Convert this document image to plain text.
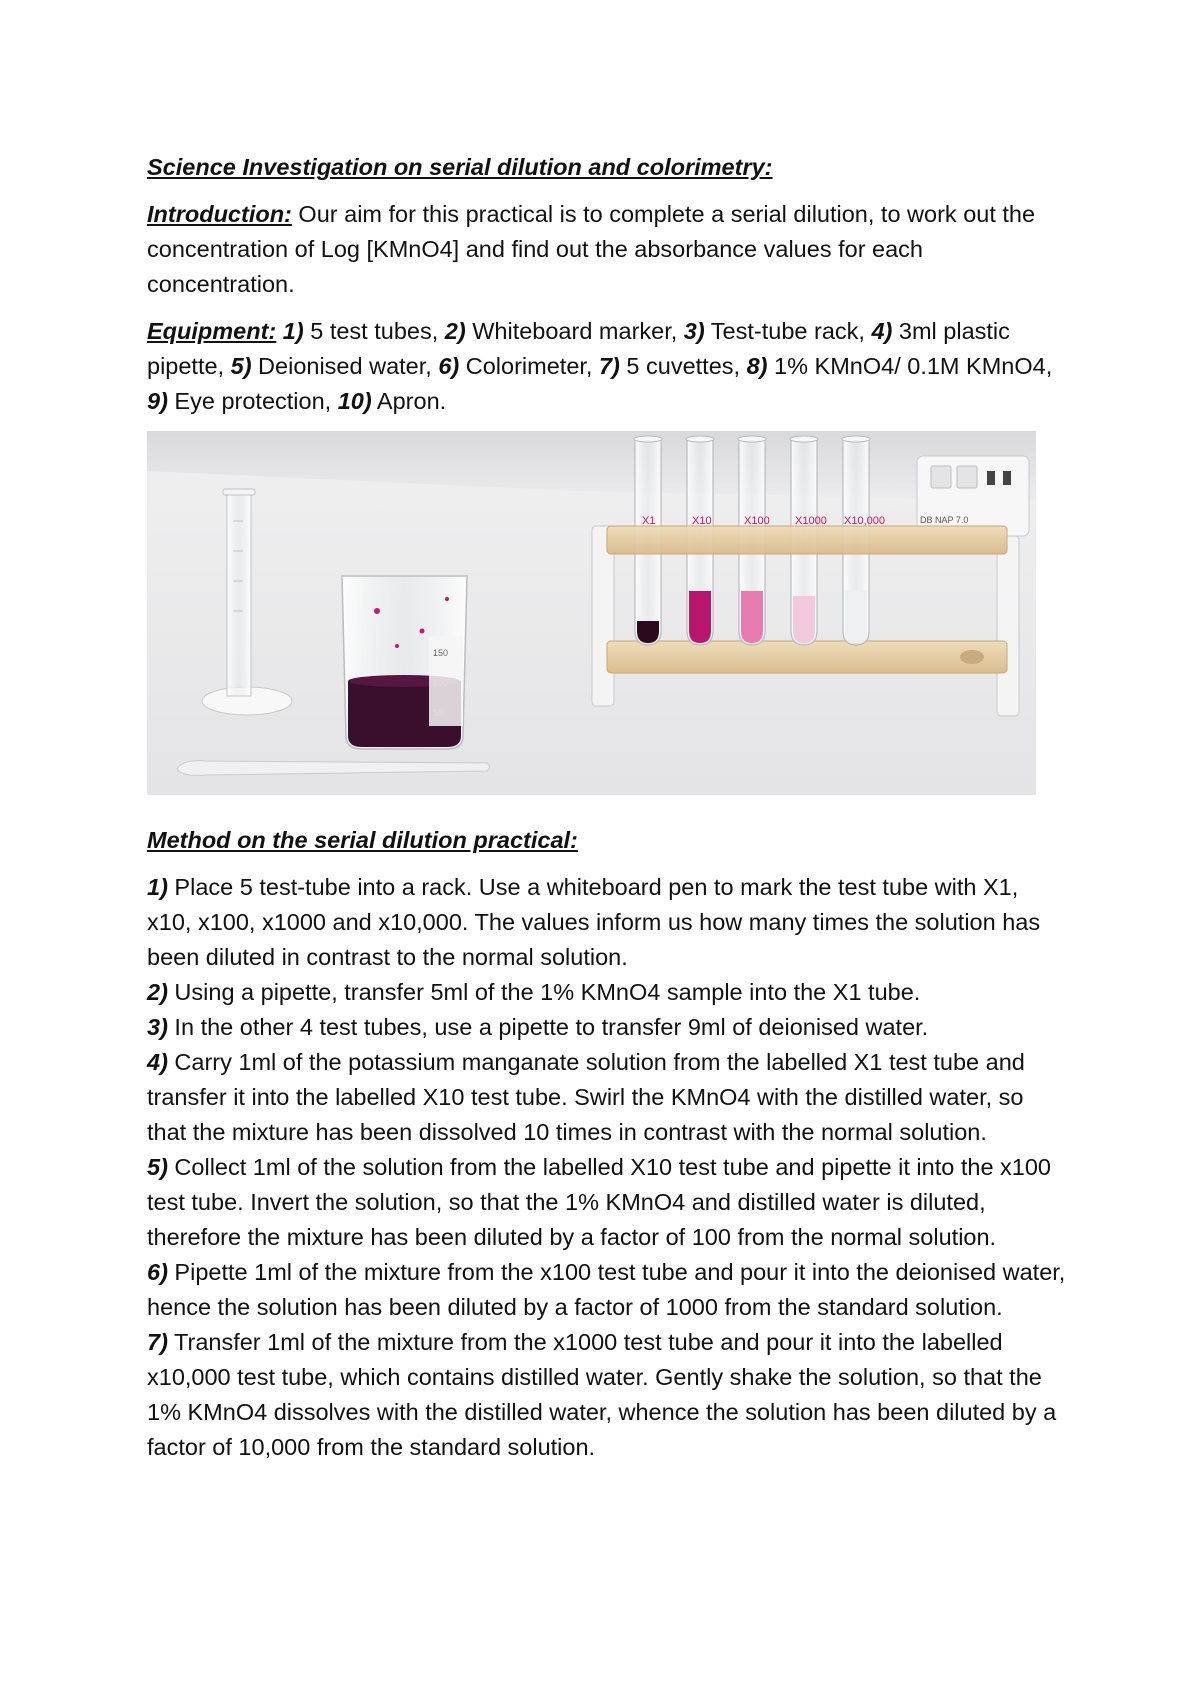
Science Investigation on serial dilution and colorimetry:

Introduction: Our aim for this practical is to complete a serial dilution, to work out the concentration of Log [KMnO4] and find out the absorbance values for each concentration.

Equipment: 1) 5 test tubes, 2) Whiteboard marker, 3) Test-tube rack, 4) 3ml plastic pipette, 5) Deionised water, 6) Colorimeter, 7) 5 cuvettes, 8) 1% KMnO4/ 0.1M KMnO4, 9) Eye protection, 10) Apron.

DB NAP 7.0
150
100
50
X1	X10	X100 X1000 X10,000

Method on the serial dilution practical:

1) Place 5 test-tube into a rack. Use a whiteboard pen to mark the test tube with X1, x10, x100, x1000 and x10,000. The values inform us how many times the solution has been diluted in contrast to the normal solution.

2) Using a pipette, transfer 5ml of the 1% KMnO4 sample into the X1 tube.

3) In the other 4 test tubes, use a pipette to transfer 9ml of deionised water.

4) Carry 1ml of the potassium manganate solution from the labelled X1 test tube and transfer it into the labelled X10 test tube. Swirl the KMnO4 with the distilled water, so that the mixture has been dissolved 10 times in contrast with the normal solution.

5) Collect 1ml of the solution from the labelled X10 test tube and pipette it into the x100 test tube. Invert the solution, so that the 1% KMnO4 and distilled water is diluted, therefore the mixture has been diluted by a factor of 100 from the normal solution.

6) Pipette 1ml of the mixture from the x100 test tube and pour it into the deionised water, hence the solution has been diluted by a factor of 1000 from the standard solution.

7) Transfer 1ml of the mixture from the x1000 test tube and pour it into the labelled x10,000 test tube, which contains distilled water. Gently shake the solution, so that the 1% KMnO4 dissolves with the distilled water, whence the solution has been diluted by a factor of 10,000 from the standard solution.
